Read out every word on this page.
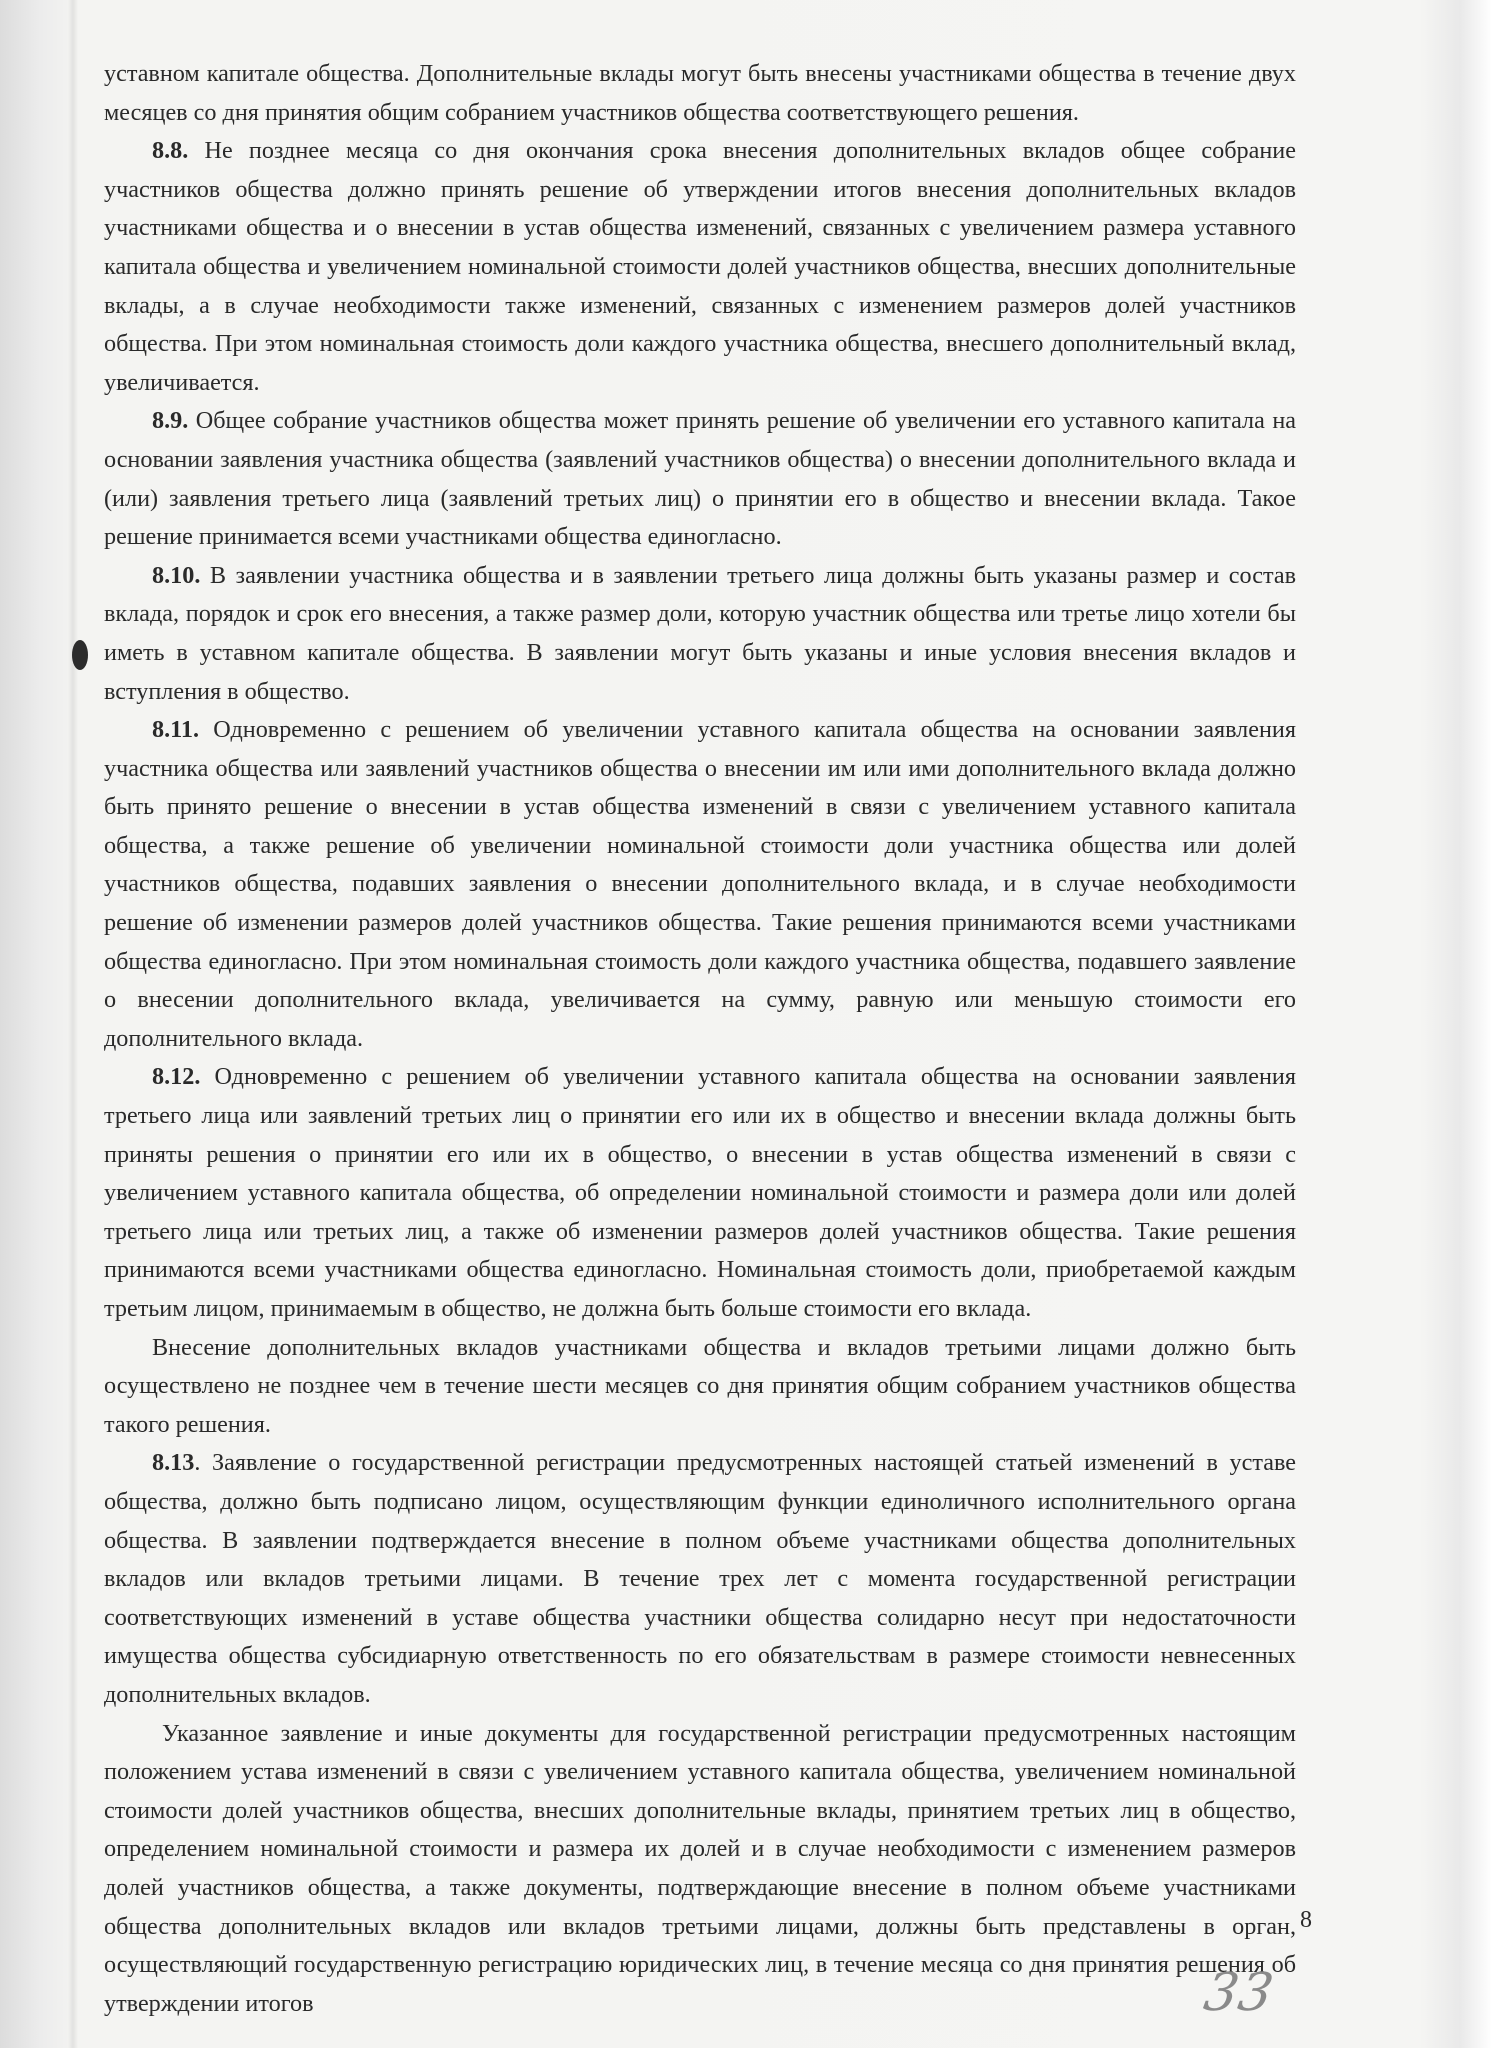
уставном капитале общества. Дополнительные вклады могут быть внесены участниками общества в течение двух месяцев со дня принятия общим собранием участников общества соответствующего решения.

8.8. Не позднее месяца со дня окончания срока внесения дополнительных вкладов общее собрание участников общества должно принять решение об утверждении итогов внесения дополнительных вкладов участниками общества и о внесении в устав общества изменений, связанных с увеличением размера уставного капитала общества и увеличением номинальной стоимости долей участников общества, внесших дополнительные вклады, а в случае необходимости также изменений, связанных с изменением размеров долей участников общества. При этом номинальная стоимость доли каждого участника общества, внесшего дополнительный вклад, увеличивается.

8.9. Общее собрание участников общества может принять решение об увеличении его уставного капитала на основании заявления участника общества (заявлений участников общества) о внесении дополнительного вклада и (или) заявления третьего лица (заявлений третьих лиц) о принятии его в общество и внесении вклада. Такое решение принимается всеми участниками общества единогласно.

8.10. В заявлении участника общества и в заявлении третьего лица должны быть указаны размер и состав вклада, порядок и срок его внесения, а также размер доли, которую участник общества или третье лицо хотели бы иметь в уставном капитале общества. В заявлении могут быть указаны и иные условия внесения вкладов и вступления в общество.

8.11. Одновременно с решением об увеличении уставного капитала общества на основании заявления участника общества или заявлений участников общества о внесении им или ими дополнительного вклада должно быть принято решение о внесении в устав общества изменений в связи с увеличением уставного капитала общества, а также решение об увеличении номинальной стоимости доли участника общества или долей участников общества, подавших заявления о внесении дополнительного вклада, и в случае необходимости решение об изменении размеров долей участников общества. Такие решения принимаются всеми участниками общества единогласно. При этом номинальная стоимость доли каждого участника общества, подавшего заявление о внесении дополнительного вклада, увеличивается на сумму, равную или меньшую стоимости его дополнительного вклада.

8.12. Одновременно с решением об увеличении уставного капитала общества на основании заявления третьего лица или заявлений третьих лиц о принятии его или их в общество и внесении вклада должны быть приняты решения о принятии его или их в общество, о внесении в устав общества изменений в связи с увеличением уставного капитала общества, об определении номинальной стоимости и размера доли или долей третьего лица или третьих лиц, а также об изменении размеров долей участников общества. Такие решения принимаются всеми участниками общества единогласно. Номинальная стоимость доли, приобретаемой каждым третьим лицом, принимаемым в общество, не должна быть больше стоимости его вклада.

Внесение дополнительных вкладов участниками общества и вкладов третьими лицами должно быть осуществлено не позднее чем в течение шести месяцев со дня принятия общим собранием участников общества такого решения.

8.13. Заявление о государственной регистрации предусмотренных настоящей статьей изменений в уставе общества, должно быть подписано лицом, осуществляющим функции единоличного исполнительного органа общества. В заявлении подтверждается внесение в полном объеме участниками общества дополнительных вкладов или вкладов третьими лицами. В течение трех лет с момента государственной регистрации соответствующих изменений в уставе общества участники общества солидарно несут при недостаточности имущества общества субсидиарную ответственность по его обязательствам в размере стоимости невнесенных дополнительных вкладов.

Указанное заявление и иные документы для государственной регистрации предусмотренных настоящим положением устава изменений в связи с увеличением уставного капитала общества, увеличением номинальной стоимости долей участников общества, внесших дополнительные вклады, принятием третьих лиц в общество, определением номинальной стоимости и размера их долей и в случае необходимости с изменением размеров долей участников общества, а также документы, подтверждающие внесение в полном объеме участниками общества дополнительных вкладов или вкладов третьими лицами, должны быть представлены в орган, осуществляющий государственную регистрацию юридических лиц, в течение месяца со дня принятия решения об утверждении итогов

8
33
